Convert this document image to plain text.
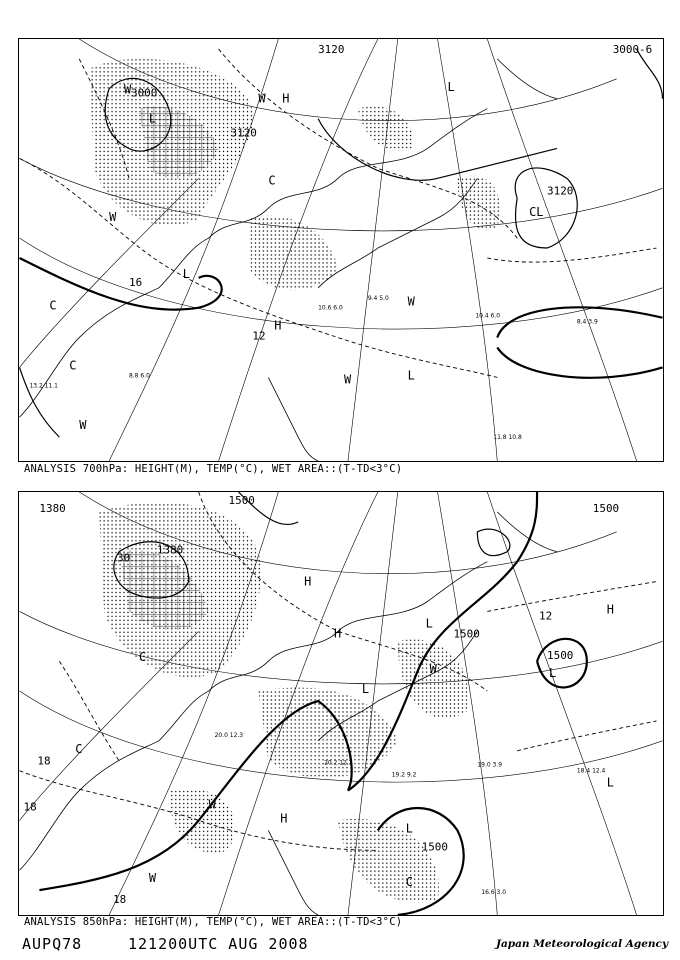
3000
3120	3000-6
3120
3120
W
W
W
W
W
W
L
L
L
L
H
H
C
C
C
CL
12
16
11.8 10.8
10.4 6.0
8.4 3.9
13.2 11.1
10.6 6.0
9.4 5.0
8.8 6.0
ANALYSIS 700hPa: HEIGHT(M), TEMP(°C), WET AREA::(T-TD<3°C)
1500
1500
1500
1500
1500
1380
1380
12
18
18
18
30
H
H
H
H
L
L
L
L
L
W
W
W
C
C
C
16.6 3.0
18.4 12.4
19.2 9.2
20.2 12.2
20.0 12.3
19.0 3.9
ANALYSIS 850hPa: HEIGHT(M), TEMP(°C), WET AREA::(T-TD<3°C)
AUPQ78	121200UTC AUG 2008	Japan Meteorological Agency
